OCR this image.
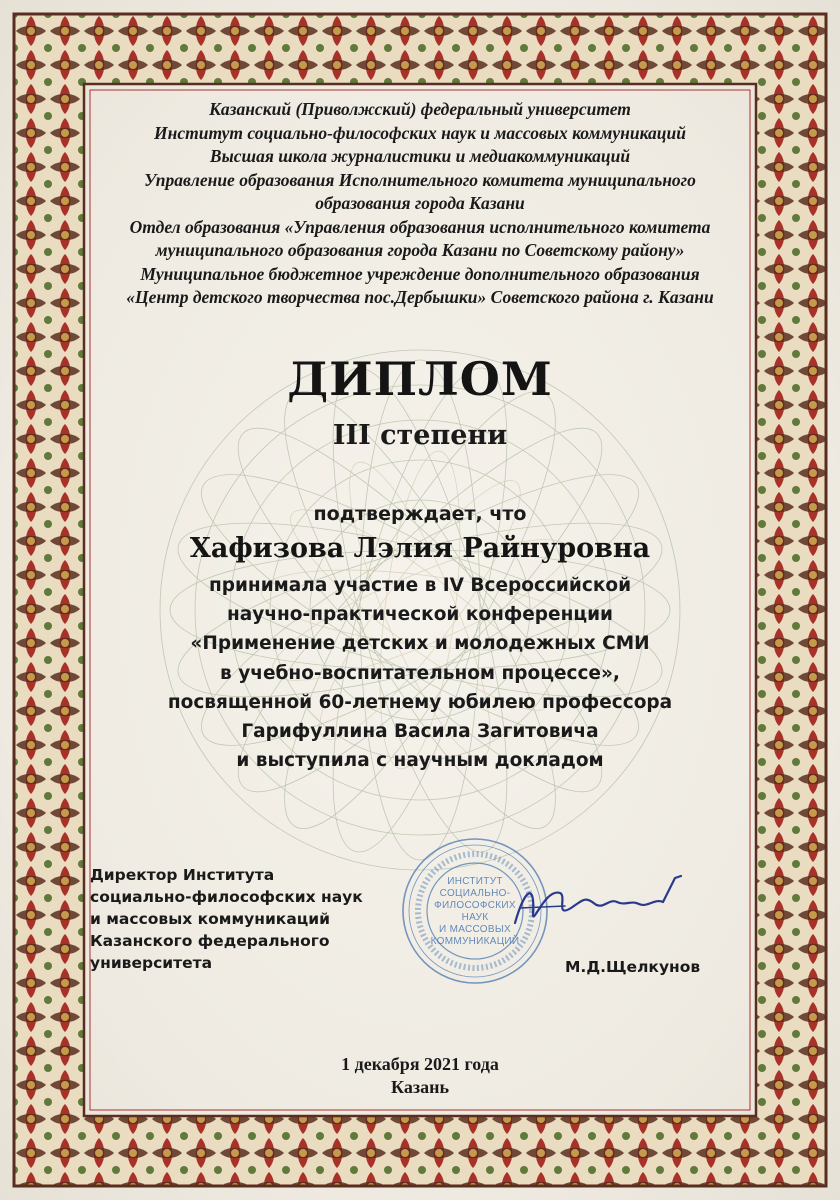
Казанский (Приволжский) федеральный университет
Институт социально-философских наук и массовых коммуникаций
Высшая школа журналистики и медиакоммуникаций
Управление образования Исполнительного комитета муниципального
образования города Казани
Отдел образования «Управления образования исполнительного комитета
муниципального образования города Казани по Советскому району»
Муниципальное бюджетное учреждение дополнительного образования
«Центр детского творчества пос.Дербышки» Советского района г. Казани
ДИПЛОМ
III степени
подтверждает, что
Хафизова Лэлия Райнуровна
принимала участие в IV Всероссийской
научно-практической конференции
«Применение детских и молодежных СМИ
в учебно-воспитательном процессе»,
посвященной 60-летнему юбилею профессора
Гарифуллина Васила Загитовича
и выступила с научным докладом
ИНСТИТУТ
СОЦИАЛЬНО-
ФИЛОСОФСКИХ
НАУК
И МАССОВЫХ
КОММУНИКАЦИЙ
Директор Института
социально-философских наук
и массовых коммуникаций
Казанского федерального
университета	М.Д.Щелкунов
1 декабря 2021 года
Казань
